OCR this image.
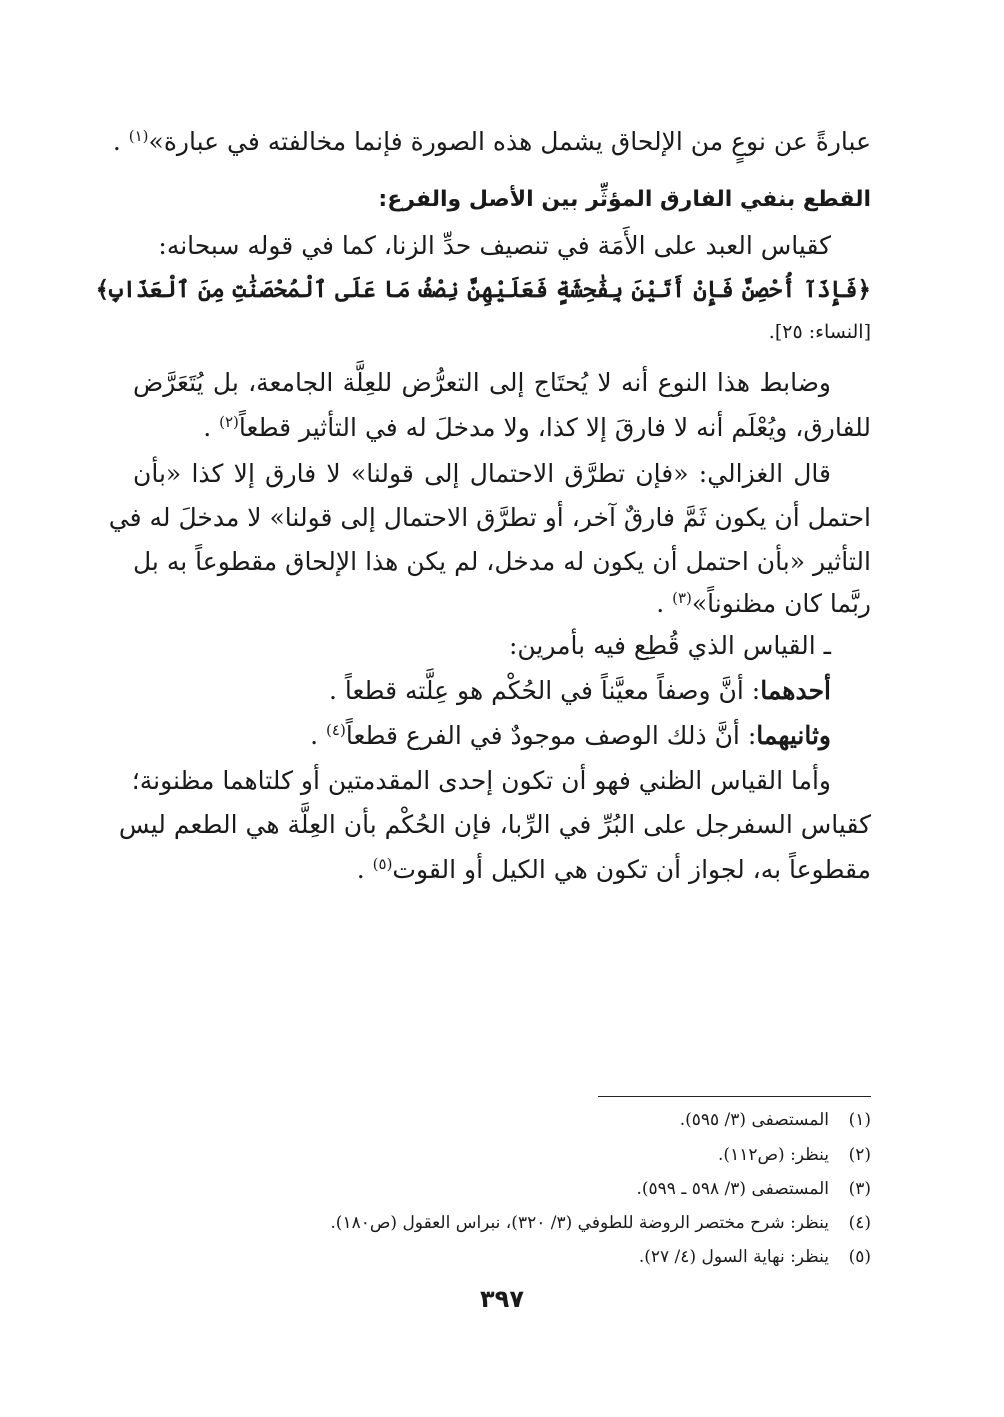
عبارةً عن نوعٍ من الإلحاق يشمل هذه الصورة فإنما مخالفته في عبارة»$^{(١)}$ .
القطع بنفي الفارق المؤثِّر بين الأصل والفرع:
كقياس العبد على الأَمَة في تنصيف حدِّ الزنا، كما في قوله سبحانه:
﴿فَإِذَآ أُحْصِنَّ فَإِنْ أَتَيْنَ بِفَٰحِشَةٍ فَعَلَيْهِنَّ نِصْفُ مَا عَلَى ٱلْمُحْصَنَٰتِ مِنَ ٱلْعَذَابِ﴾
[النساء: ٢٥].
وضابط هذا النوع أنه لا يُحتَاج إلى التعرُّض للعِلَّة الجامعة، بل يُتَعَرَّض
للفارق، ويُعْلَم أنه لا فارقَ إلا كذا، ولا مدخلَ له في التأثير قطعاً$^{(٢)}$ .
قال الغزالي: «فإن تطرَّق الاحتمال إلى قولنا» لا فارق إلا كذا «بأن
احتمل أن يكون ثَمَّ فارقٌ آخر، أو تطرَّق الاحتمال إلى قولنا» لا مدخلَ له في
التأثير «بأن احتمل أن يكون له مدخل، لم يكن هذا الإلحاق مقطوعاً به بل
ربَّما كان مظنوناً»$^{(٣)}$ .
ـ القياس الذي قُطِع فيه بأمرين:
أحدهما: أنَّ وصفاً معيَّناً في الحُكْم هو عِلَّته قطعاً .
وثانيهما: أنَّ ذلك الوصف موجودٌ في الفرع قطعاً$^{(٤)}$ .
وأما القياس الظني فهو أن تكون إحدى المقدمتين أو كلتاهما مظنونة؛
كقياس السفرجل على البُرِّ في الرِّبا، فإن الحُكْم بأن العِلَّة هي الطعم ليس
مقطوعاً به، لجواز أن تكون هي الكيل أو القوت$^{(٥)}$ .
(١)المستصفى (٣/ ٥٩٥).
(٢)ينظر: (ص١١٢).
(٣)المستصفى (٣/ ٥٩٨ ـ ٥٩٩).
(٤)ينظر: شرح مختصر الروضة للطوفي (٣/ ٣٢٠)، نبراس العقول (ص١٨٠).
(٥)ينظر: نهاية السول (٤/ ٢٧).
٣٩٧
